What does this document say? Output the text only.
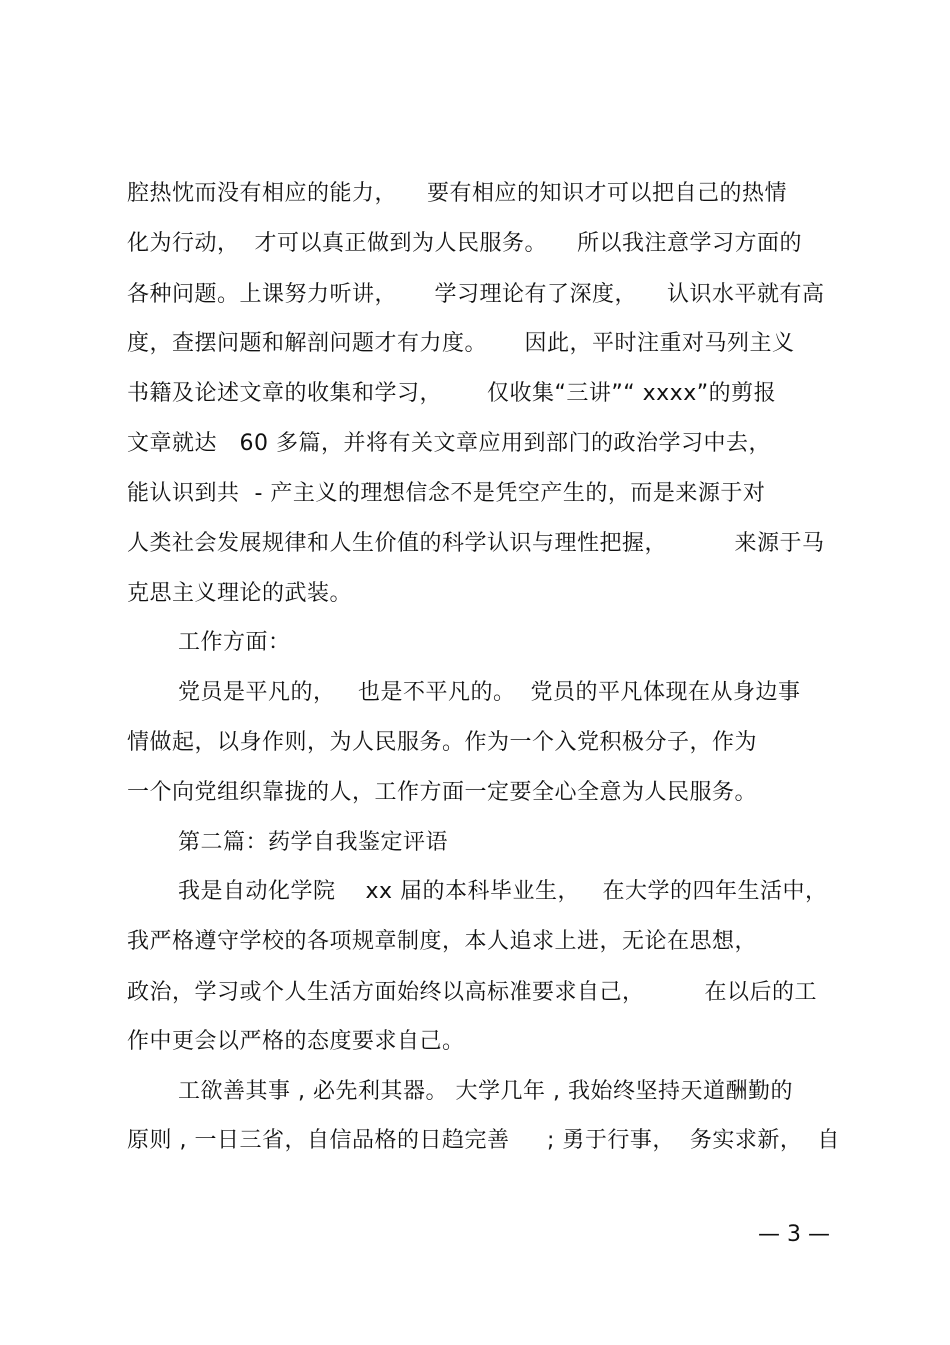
腔热忱而没有相应的能力，    要有相应的知识才可以把自己的热情
化为行动，  才可以真正做到为人民服务。    所以我注意学习方面的
各种问题。上课努力听讲，     学习理论有了深度，    认识水平就有高
度，查摆问题和解剖问题才有力度。     因此，平时注重对马列主义
书籍及论述文章的收集和学习，      仅收集“三讲”“ xxxx”的剪报
文章就达   60 多篇，并将有关文章应用到部门的政治学习中去，
能认识到共  - 产主义的理想信念不是凭空产生的，而是来源于对
人类社会发展规律和人生价值的科学认识与理性把握，         来源于马
克思主义理论的武装。
工作方面：
党员是平凡的，   也是不平凡的。  党员的平凡体现在从身边事
情做起，以身作则，为人民服务。作为一个入党积极分子，作为
一个向党组织靠拢的人，工作方面一定要全心全意为人民服务。
第二篇：药学自我鉴定评语
我是自动化学院    xx 届的本科毕业生，   在大学的四年生活中，
我严格遵守学校的各项规章制度，本人追求上进，无论在思想，
政治，学习或个人生活方面始终以高标准要求自己，        在以后的工
作中更会以严格的态度要求自己。
工欲善其事 , 必先利其器。 大学几年 , 我始终坚持天道酬勤的
原则 , 一日三省，自信品格的日趋完善     ; 勇于行事，  务实求新，  自
— 3 —
